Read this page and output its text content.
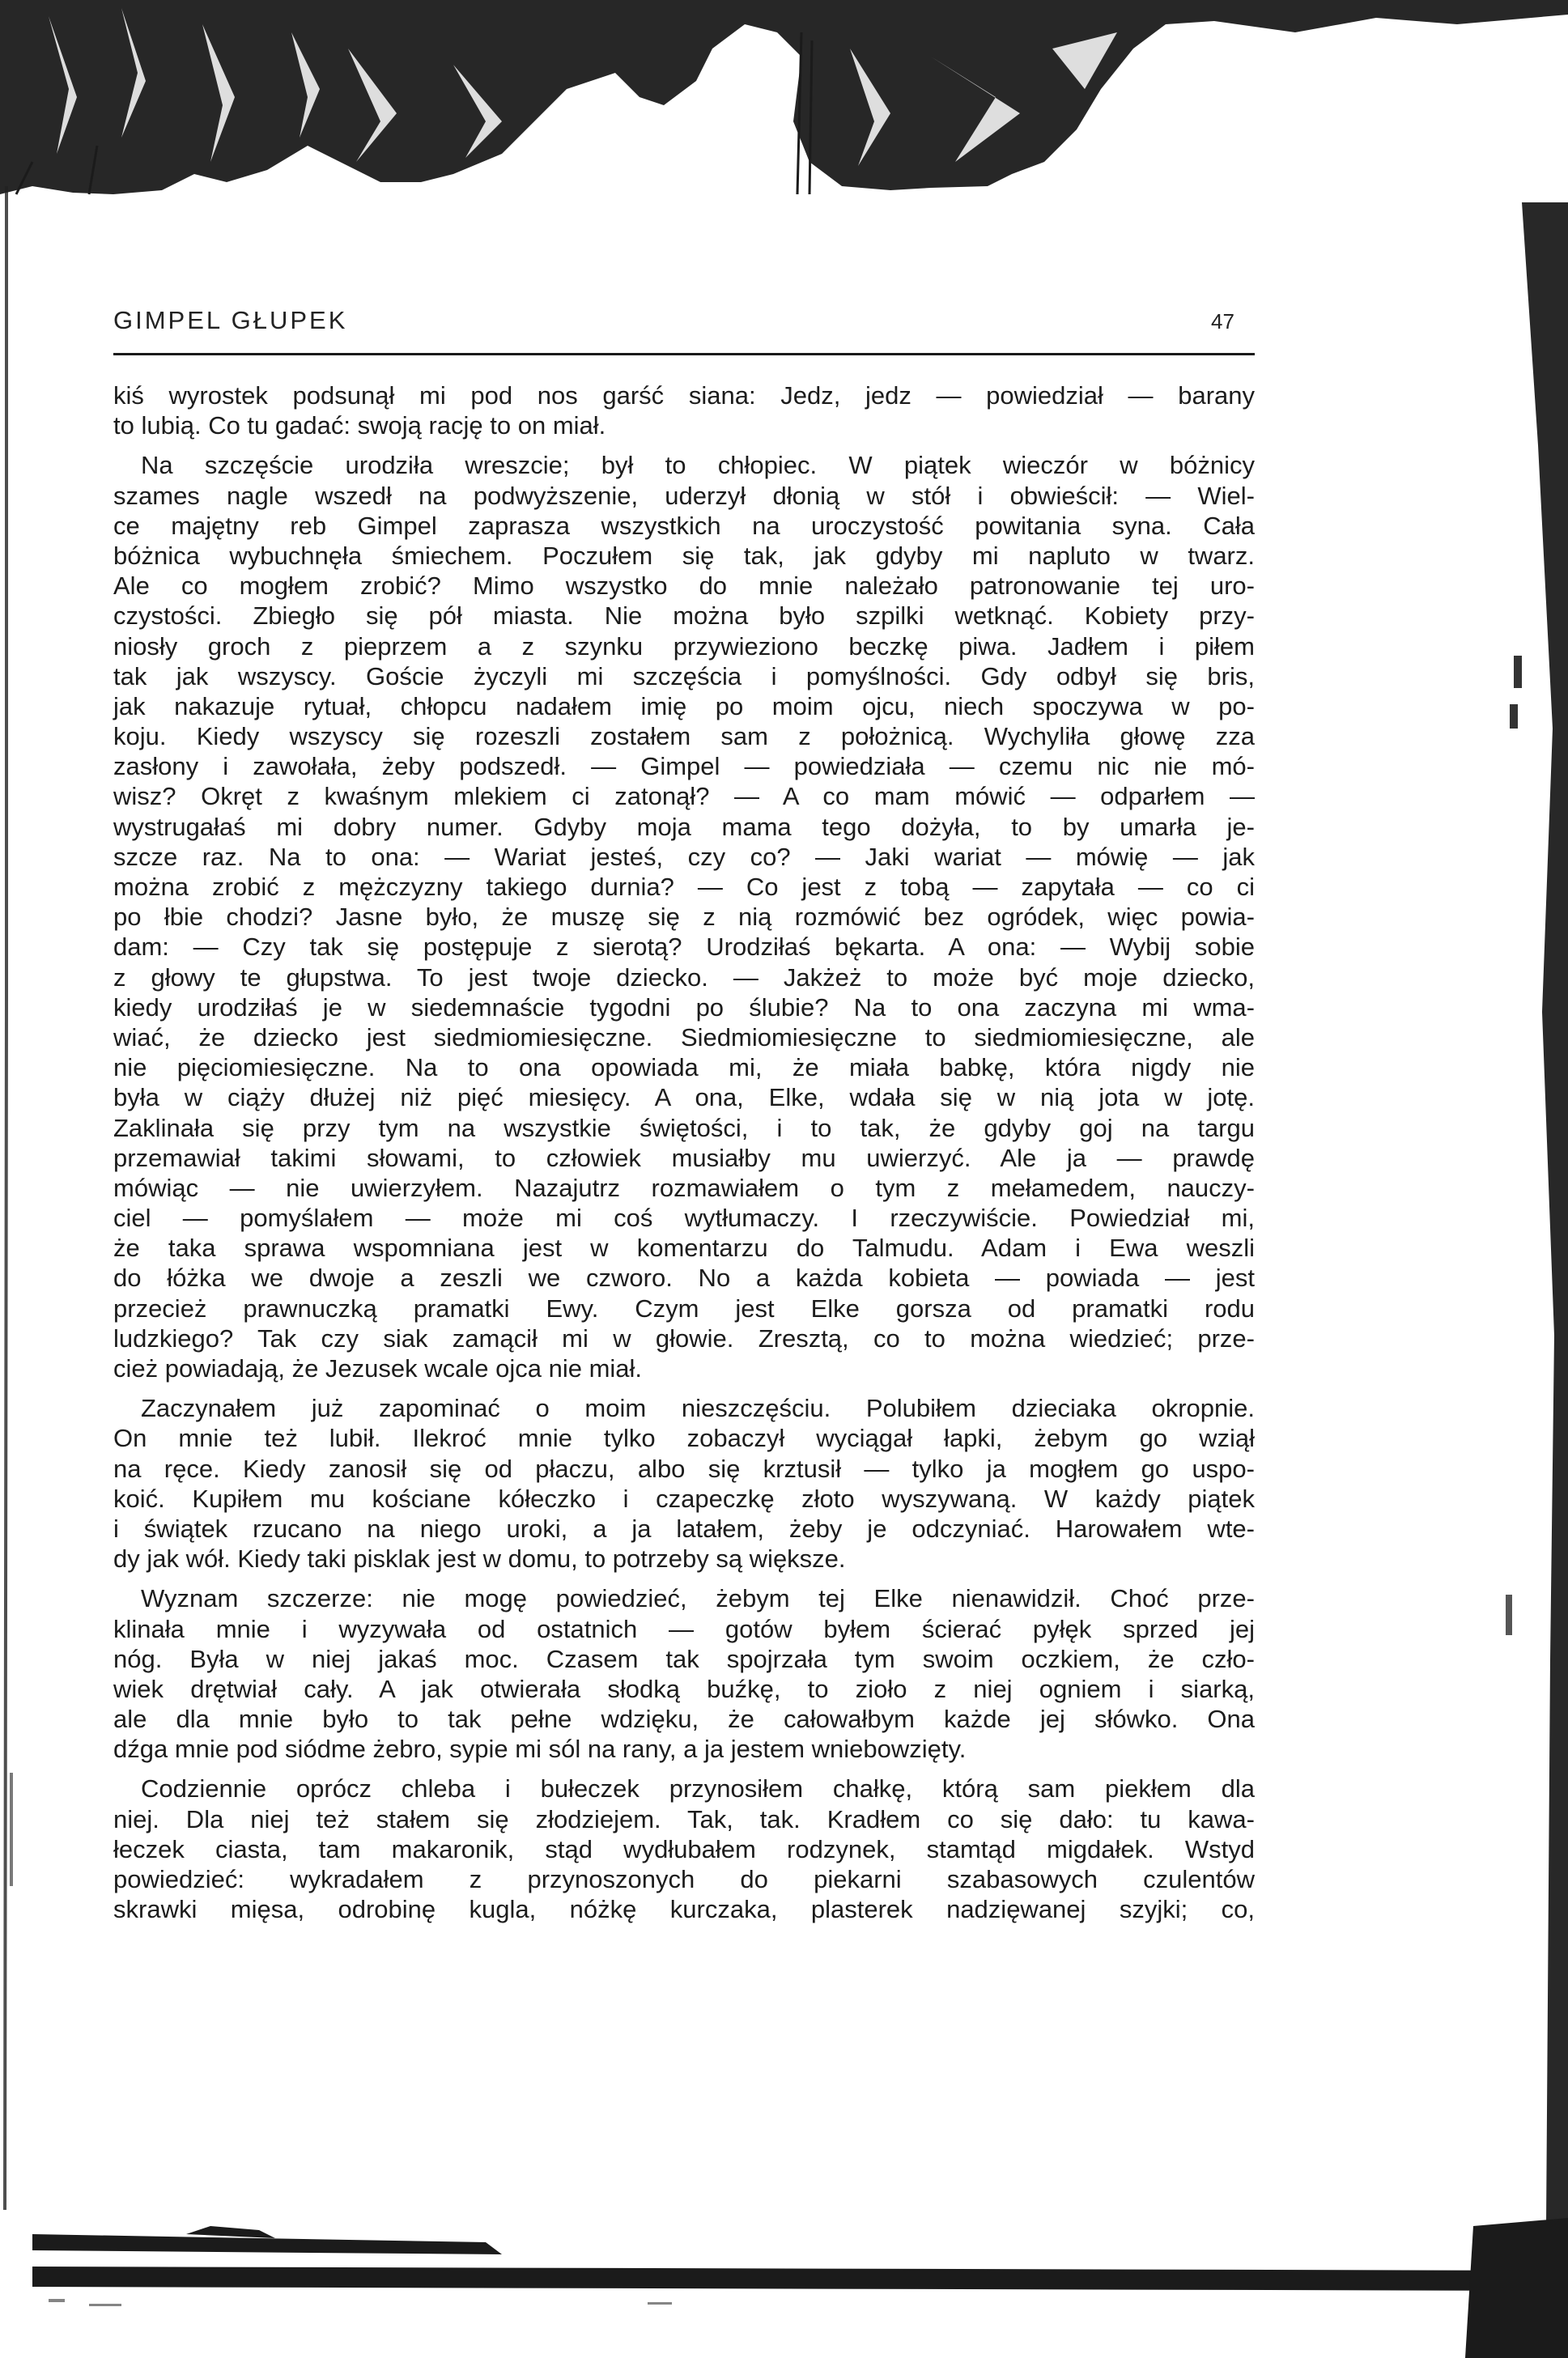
GIMPEL GŁUPEK	47
kiś wyrostek podsunął mi pod nos garść siana: Jedz, jedz — powiedział — barany
to lubią. Co tu gadać: swoją rację to on miał.
Na szczęście urodziła wreszcie; był to chłopiec. W piątek wieczór w bóżnicy
szames nagle wszedł na podwyższenie, uderzył dłonią w stół i obwieścił: — Wiel-
ce majętny reb Gimpel zaprasza wszystkich na uroczystość powitania syna. Cała
bóżnica wybuchnęła śmiechem. Poczułem się tak, jak gdyby mi napluto w twarz.
Ale co mogłem zrobić? Mimo wszystko do mnie należało patronowanie tej uro-
czystości. Zbiegło się pół miasta. Nie można było szpilki wetknąć. Kobiety przy-
niosły groch z pieprzem a z szynku przywieziono beczkę piwa. Jadłem i piłem
tak jak wszyscy. Goście życzyli mi szczęścia i pomyślności. Gdy odbył się bris,
jak nakazuje rytuał, chłopcu nadałem imię po moim ojcu, niech spoczywa w po-
koju. Kiedy wszyscy się rozeszli zostałem sam z położnicą. Wychyliła głowę zza
zasłony i zawołała, żeby podszedł. — Gimpel — powiedziała — czemu nic nie mó-
wisz? Okręt z kwaśnym mlekiem ci zatonął? — A co mam mówić — odparłem —
wystrugałaś mi dobry numer. Gdyby moja mama tego dożyła, to by umarła je-
szcze raz. Na to ona: — Wariat jesteś, czy co? — Jaki wariat — mówię — jak
można zrobić z mężczyzny takiego durnia? — Co jest z tobą — zapytała — co ci
po łbie chodzi? Jasne było, że muszę się z nią rozmówić bez ogródek, więc powia-
dam: — Czy tak się postępuje z sierotą? Urodziłaś bękarta. A ona: — Wybij sobie
z głowy te głupstwa. To jest twoje dziecko. — Jakżeż to może być moje dziecko,
kiedy urodziłaś je w siedemnaście tygodni po ślubie? Na to ona zaczyna mi wma-
wiać, że dziecko jest siedmiomiesięczne. Siedmiomiesięczne to siedmiomiesięczne, ale
nie pięciomiesięczne. Na to ona opowiada mi, że miała babkę, która nigdy nie
była w ciąży dłużej niż pięć miesięcy. A ona, Elke, wdała się w nią jota w jotę.
Zaklinała się przy tym na wszystkie świętości, i to tak, że gdyby goj na targu
przemawiał takimi słowami, to człowiek musiałby mu uwierzyć. Ale ja — prawdę
mówiąc — nie uwierzyłem. Nazajutrz rozmawiałem o tym z mełamedem, nauczy-
ciel — pomyślałem — może mi coś wytłumaczy. I rzeczywiście. Powiedział mi,
że taka sprawa wspomniana jest w komentarzu do Talmudu. Adam i Ewa weszli
do łóżka we dwoje a zeszli we czworo. No a każda kobieta — powiada — jest
przecież prawnuczką pramatki Ewy. Czym jest Elke gorsza od pramatki rodu
ludzkiego? Tak czy siak zamącił mi w głowie. Zresztą, co to można wiedzieć; prze-
cież powiadają, że Jezusek wcale ojca nie miał.
Zaczynałem już zapominać o moim nieszczęściu. Polubiłem dzieciaka okropnie.
On mnie też lubił. Ilekroć mnie tylko zobaczył wyciągał łapki, żebym go wziął
na ręce. Kiedy zanosił się od płaczu, albo się krztusił — tylko ja mogłem go uspo-
koić. Kupiłem mu kościane kółeczko i czapeczkę złoto wyszywaną. W każdy piątek
i świątek rzucano na niego uroki, a ja latałem, żeby je odczyniać. Harowałem wte-
dy jak wół. Kiedy taki pisklak jest w domu, to potrzeby są większe.
Wyznam szczerze: nie mogę powiedzieć, żebym tej Elke nienawidził. Choć prze-
klinała mnie i wyzywała od ostatnich — gotów byłem ścierać pyłęk sprzed jej
nóg. Była w niej jakaś moc. Czasem tak spojrzała tym swoim oczkiem, że czło-
wiek drętwiał cały. A jak otwierała słodką buźkę, to zioło z niej ogniem i siarką,
ale dla mnie było to tak pełne wdzięku, że całowałbym każde jej słówko. Ona
dźga mnie pod siódme żebro, sypie mi sól na rany, a ja jestem wniebowzięty.
Codziennie oprócz chleba i bułeczek przynosiłem chałkę, którą sam piekłem dla
niej. Dla niej też stałem się złodziejem. Tak, tak. Kradłem co się dało: tu kawa-
łeczek ciasta, tam makaronik, stąd wydłubałem rodzynek, stamtąd migdałek. Wstyd
powiedzieć: wykradałem z przynoszonych do piekarni szabasowych czulentów
skrawki mięsa, odrobinę kugla, nóżkę kurczaka, plasterek nadzięwanej szyjki; co,
